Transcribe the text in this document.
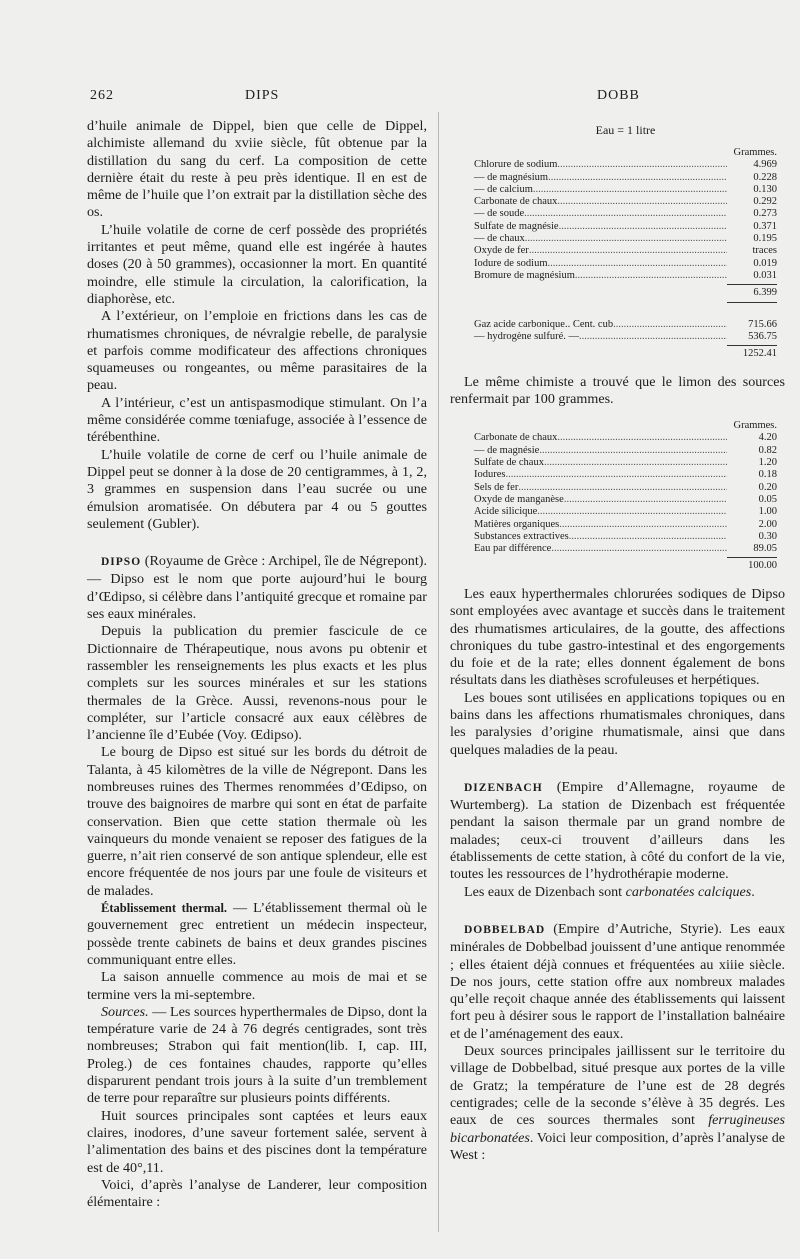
262	DIPS	DOBB

d’huile animale de Dippel, bien que celle de Dippel, alchimiste allemand du xviie siècle, fût obtenue par la distillation du sang du cerf. La composition de cette dernière était du reste à peu près identique. Il en est de même de l’huile que l’on extrait par la distillation sèche des os.

L’huile volatile de corne de cerf possède des propriétés irritantes et peut même, quand elle est ingérée à hautes doses (20 à 50 grammes), occasionner la mort. En quantité moindre, elle stimule la circulation, la calorification, la diaphorèse, etc.

A l’extérieur, on l’emploie en frictions dans les cas de rhumatismes chroniques, de névralgie rebelle, de paralysie et parfois comme modificateur des affections chroniques squameuses ou rongeantes, ou même parasitaires de la peau.

A l’intérieur, c’est un antispasmodique stimulant. On l’a même considérée comme tœniafuge, associée à l’essence de térébenthine.

L’huile volatile de corne de cerf ou l’huile animale de Dippel peut se donner à la dose de 20 centigrammes, à 1, 2, 3 grammes en suspension dans l’eau sucrée ou une émulsion aromatisée. On débutera par 4 ou 5 gouttes seulement (Gubler).

DIPSO (Royaume de Grèce : Archipel, île de Négrepont). — Dipso est le nom que porte aujourd’hui le bourg d’Œdipso, si célèbre dans l’antiquité grecque et romaine par ses eaux minérales.

Depuis la publication du premier fascicule de ce Dictionnaire de Thérapeutique, nous avons pu obtenir et rassembler les renseignements les plus exacts et les plus complets sur les sources minérales et sur les stations thermales de la Grèce. Aussi, revenons-nous pour le compléter, sur l’article consacré aux eaux célèbres de l’ancienne île d’Eubée (Voy. Œdipso).

Le bourg de Dipso est situé sur les bords du détroit de Talanta, à 45 kilomètres de la ville de Négrepont. Dans les nombreuses ruines des Thermes renommées d’Œdipso, on trouve des baignoires de marbre qui sont en état de parfaite conservation. Bien que cette station thermale où les vainqueurs du monde venaient se reposer des fatigues de la guerre, n’ait rien conservé de son antique splendeur, elle est encore fréquentée de nos jours par une foule de visiteurs et de malades.

Établissement thermal. — L’établissement thermal où le gouvernement grec entretient un médecin inspecteur, possède trente cabinets de bains et deux grandes piscines communiquant entre elles.

La saison annuelle commence au mois de mai et se termine vers la mi-septembre.

Sources. — Les sources hyperthermales de Dipso, dont la température varie de 24 à 76 degrés centigrades, sont très nombreuses; Strabon qui fait mention(lib. I, cap. III, Proleg.) de ces fontaines chaudes, rapporte qu’elles disparurent pendant trois jours à la suite d’un tremblement de terre pour reparaître sur plusieurs points différents.

Huit sources principales sont captées et leurs eaux claires, inodores, d’une saveur fortement salée, servent à l’alimentation des bains et des piscines dont la température est de 40°,11.

Voici, d’après l’analyse de Landerer, leur composition élémentaire :

Eau = 1 litre
Grammes.
Chlorure de sodium .....	4.969
— de magnésium .....	0.228
— de calcium .....	0.130
Carbonate de chaux .....	0.292
— de soude .....	0.273
Sulfate de magnésie .....	0.371
— de chaux .....	0.195
Oxyde de fer .....	traces
Iodure de sodium .....	0.019
Bromure de magnésium .....	0.031
6.399
Gaz acide carbonique.. Cent. cub .....	715.66
— hydrogène sulfuré. — .....	536.75
1252.41

Le même chimiste a trouvé que le limon des sources renfermait par 100 grammes.

Grammes.
Carbonate de chaux .....	4.20
— de magnésie .....	0.82
Sulfate de chaux .....	1.20
Iodures .....	0.18
Sels de fer .....	0.20
Oxyde de manganèse .....	0.05
Acide silicique .....	1.00
Matières organiques .....	2.00
Substances extractives .....	0.30
Eau par différence .....	89.05
100.00

Les eaux hyperthermales chlorurées sodiques de Dipso sont employées avec avantage et succès dans le traitement des rhumatismes articulaires, de la goutte, des affections chroniques du tube gastro-intestinal et des engorgements du foie et de la rate; elles donnent également de bons résultats dans les diathèses scrofuleuses et herpétiques.

Les boues sont utilisées en applications topiques ou en bains dans les affections rhumatismales chroniques, dans les paralysies d’origine rhumatismale, ainsi que dans quelques maladies de la peau.

DIZENBACH (Empire d’Allemagne, royaume de Wurtemberg). La station de Dizenbach est fréquentée pendant la saison thermale par un grand nombre de malades; ceux-ci trouvent d’ailleurs dans les établissements de cette station, à côté du confort de la vie, toutes les ressources de l’hydrothérapie moderne.

Les eaux de Dizenbach sont carbonatées calciques.

DOBBELBAD (Empire d’Autriche, Styrie). Les eaux minérales de Dobbelbad jouissent d’une antique renommée ; elles étaient déjà connues et fréquentées au xiiie siècle. De nos jours, cette station offre aux nombreux malades qu’elle reçoit chaque année des établissements qui laissent fort peu à désirer sous le rapport de l’installation balnéaire et de l’aménagement des eaux.

Deux sources principales jaillissent sur le territoire du village de Dobbelbad, situé presque aux portes de la ville de Gratz; la température de l’une est de 28 degrés centigrades; celle de la seconde s’élève à 35 degrés. Les eaux de ces sources thermales sont ferrugineuses bicarbonatées. Voici leur composition, d’après l’analyse de West :
